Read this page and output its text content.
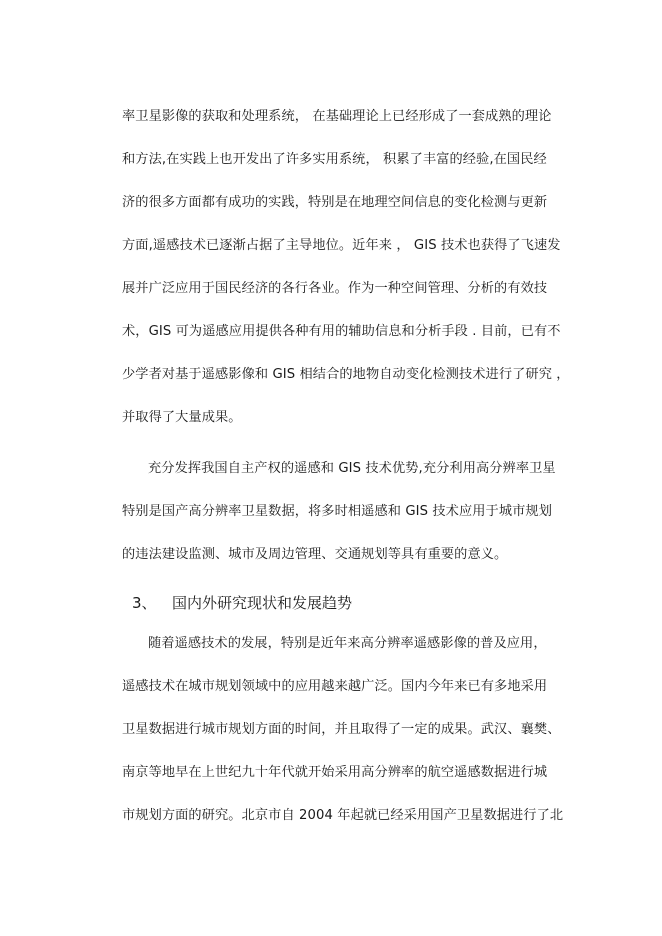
率卫星影像的获取和处理系统， 在基础理论上已经形成了一套成熟的理论
和方法,在实践上也开发出了许多实用系统， 积累了丰富的经验,在国民经
济的很多方面都有成功的实践，特别是在地理空间信息的变化检测与更新
方面,遥感技术已逐渐占据了主导地位。近年来 ， GIS 技术也获得了飞速发
展并广泛应用于国民经济的各行各业。作为一种空间管理、分析的有效技
术，GIS 可为遥感应用提供各种有用的辅助信息和分析手段 . 目前，已有不
少学者对基于遥感影像和 GIS 相结合的地物自动变化检测技术进行了研究 ，
并取得了大量成果。
充分发挥我国自主产权的遥感和 GIS 技术优势,充分利用高分辨率卫星
特别是国产高分辨率卫星数据，将多时相遥感和 GIS 技术应用于城市规划
的违法建设监测、城市及周边管理、交通规划等具有重要的意义。
3、 国内外研究现状和发展趋势
随着遥感技术的发展，特别是近年来高分辨率遥感影像的普及应用，
遥感技术在城市规划领域中的应用越来越广泛。国内今年来已有多地采用
卫星数据进行城市规划方面的时间，并且取得了一定的成果。武汉、襄樊、
南京等地早在上世纪九十年代就开始采用高分辨率的航空遥感数据进行城
市规划方面的研究。北京市自 2004 年起就已经采用国产卫星数据进行了北
